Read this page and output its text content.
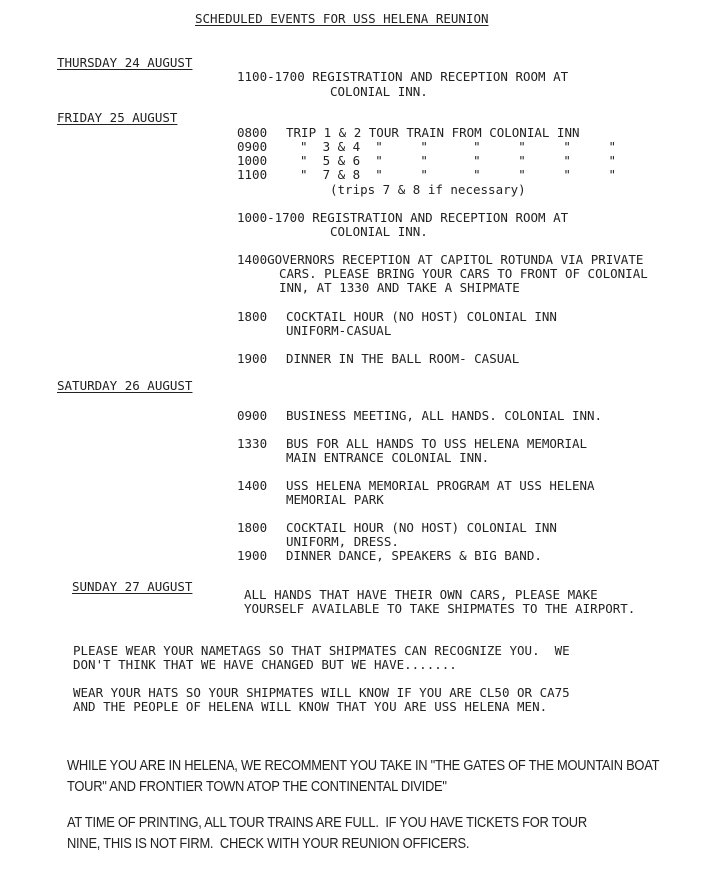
SCHEDULED EVENTS FOR USS HELENA REUNION
THURSDAY 24 AUGUST
1100-1700 REGISTRATION AND RECEPTION ROOM AT
COLONIAL INN.
FRIDAY 25 AUGUST
0800 TRIP 1 & 2 TOUR TRAIN FROM COLONIAL INN
0900	"  3 & 4  "     "      "     "     "     "
1000	"  5 & 6  "     "      "     "     "     "
1100	"  7 & 8  "     "      "     "     "     "
(trips 7 & 8 if necessary)
1000-1700 REGISTRATION AND RECEPTION ROOM AT
COLONIAL INN.
1400GOVERNORS RECEPTION AT CAPITOL ROTUNDA VIA PRIVATE
CARS. PLEASE BRING YOUR CARS TO FRONT OF COLONIAL
INN, AT 1330 AND TAKE A SHIPMATE
1800 COCKTAIL HOUR (NO HOST) COLONIAL INN
UNIFORM-CASUAL
1900 DINNER IN THE BALL ROOM- CASUAL
SATURDAY 26 AUGUST
0900 BUSINESS MEETING, ALL HANDS. COLONIAL INN.
1330 BUS FOR ALL HANDS TO USS HELENA MEMORIAL
MAIN ENTRANCE COLONIAL INN.
1400 USS HELENA MEMORIAL PROGRAM AT USS HELENA
MEMORIAL PARK
1800 COCKTAIL HOUR (NO HOST) COLONIAL INN
UNIFORM, DRESS.
1900 DINNER DANCE, SPEAKERS & BIG BAND.
SUNDAY 27 AUGUST
ALL HANDS THAT HAVE THEIR OWN CARS, PLEASE MAKE
YOURSELF AVAILABLE TO TAKE SHIPMATES TO THE AIRPORT.
PLEASE WEAR YOUR NAMETAGS SO THAT SHIPMATES CAN RECOGNIZE YOU.  WE
DON'T THINK THAT WE HAVE CHANGED BUT WE HAVE.......
WEAR YOUR HATS SO YOUR SHIPMATES WILL KNOW IF YOU ARE CL50 OR CA75
AND THE PEOPLE OF HELENA WILL KNOW THAT YOU ARE USS HELENA MEN.
WHILE YOU ARE IN HELENA, WE RECOMMENT YOU TAKE IN "THE GATES OF THE MOUNTAIN BOAT
TOUR" AND FRONTIER TOWN ATOP THE CONTINENTAL DIVIDE"
AT TIME OF PRINTING, ALL TOUR TRAINS ARE FULL.  IF YOU HAVE TICKETS FOR TOUR
NINE, THIS IS NOT FIRM.  CHECK WITH YOUR REUNION OFFICERS.
